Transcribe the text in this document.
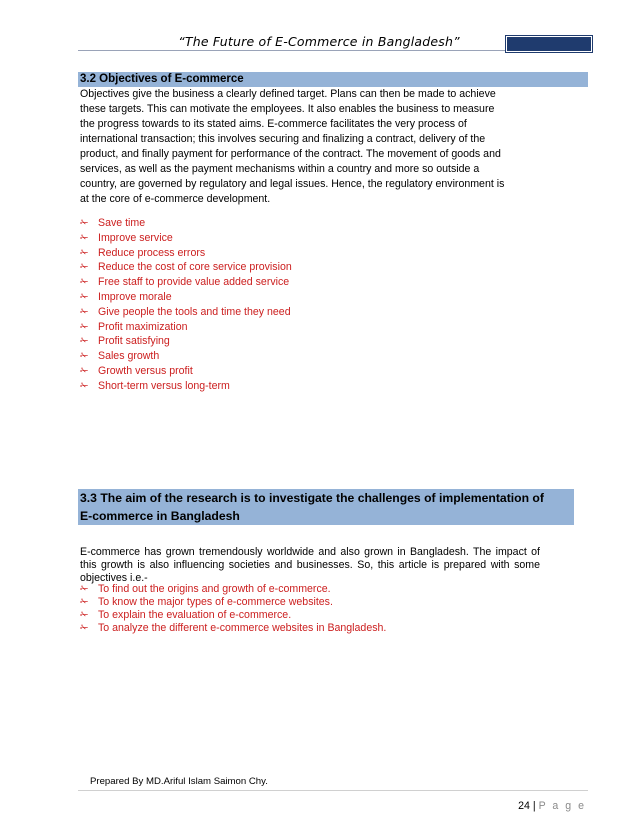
“The Future of E-Commerce in Bangladesh”
3.2 Objectives of E-commerce
Objectives give the business a clearly defined target. Plans can then be made to achieve
these targets. This can motivate the employees. It also enables the business to measure
the progress towards to its stated aims. E-commerce facilitates the very process of
international transaction; this involves securing and finalizing a contract, delivery of the
product, and finally payment for performance of the contract. The movement of goods and
services, as well as the payment mechanisms within a country and more so outside a
country, are governed by regulatory and legal issues. Hence, the regulatory environment is
at the core of e-commerce development.
✁ Save time
✁ Improve service
✁ Reduce process errors
✁ Reduce the cost of core service provision
✁ Free staff to provide value added service
✁ Improve morale
✁ Give people the tools and time they need
✁ Profit maximization
✁ Profit satisfying
✁ Sales growth
✁ Growth versus profit
✁ Short-term versus long-term
3.3 The aim of the research is to investigate the challenges of implementation of
E-commerce in Bangladesh

E-commerce has grown tremendously worldwide and also grown in Bangladesh. The impact of this growth is also influencing societies and businesses. So, this article is prepared with some objectives i.e.-

✁ To find out the origins and growth of e-commerce.
✁ To know the major types of e-commerce websites.
✁ To explain the evaluation of e-commerce.
✁ To analyze the different e-commerce websites in Bangladesh.
Prepared By MD.Ariful Islam Saimon Chy.
24 | P a g e
